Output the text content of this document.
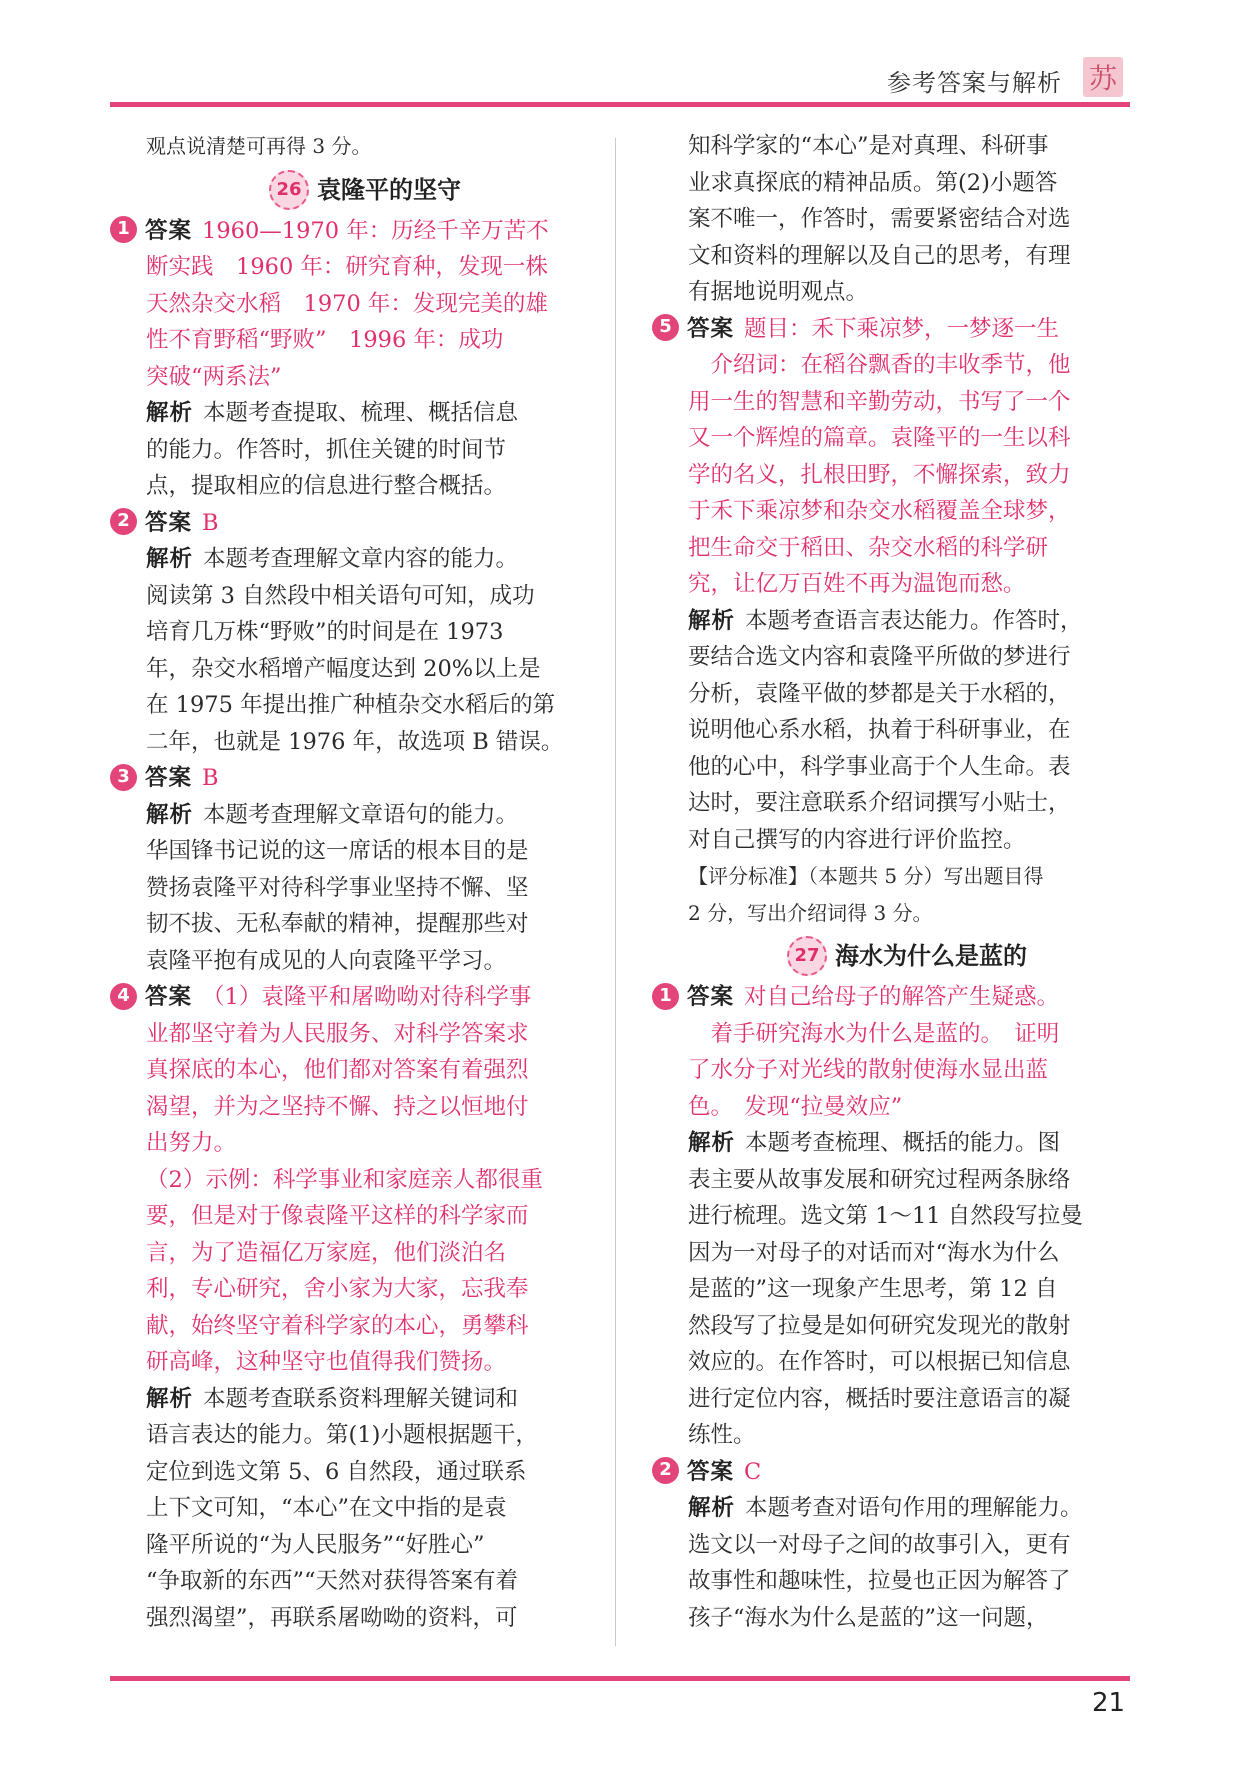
参考答案与解析 苏
观点说清楚可再得 3 分。
26 袁隆平的坚守
1 答案 1960—1970 年：历经千辛万苦不
断实践　1960 年：研究育种，发现一株
天然杂交水稻　1970 年：发现完美的雄
性不育野稻“野败”　1996 年：成功
突破“两系法”
解析 本题考查提取、梳理、概括信息
的能力。作答时，抓住关键的时间节
点，提取相应的信息进行整合概括。
2 答案 B
解析 本题考查理解文章内容的能力。
阅读第 3 自然段中相关语句可知，成功
培育几万株“野败”的时间是在 1973
年，杂交水稻增产幅度达到 20%以上是
在 1975 年提出推广种植杂交水稻后的第
二年，也就是 1976 年，故选项 B 错误。
3 答案 B
解析 本题考查理解文章语句的能力。
华国锋书记说的这一席话的根本目的是
赞扬袁隆平对待科学事业坚持不懈、坚
韧不拔、无私奉献的精神，提醒那些对
袁隆平抱有成见的人向袁隆平学习。
4 答案 （1）袁隆平和屠呦呦对待科学事
业都坚守着为人民服务、对科学答案求
真探底的本心，他们都对答案有着强烈
渴望，并为之坚持不懈、持之以恒地付
出努力。
（2）示例：科学事业和家庭亲人都很重
要，但是对于像袁隆平这样的科学家而
言，为了造福亿万家庭，他们淡泊名
利，专心研究，舍小家为大家，忘我奉
献，始终坚守着科学家的本心，勇攀科
研高峰，这种坚守也值得我们赞扬。
解析 本题考查联系资料理解关键词和
语言表达的能力。第(1)小题根据题干，
定位到选文第 5、6 自然段，通过联系
上下文可知，“本心”在文中指的是袁
隆平所说的“为人民服务”“好胜心”
“争取新的东西”“天然对获得答案有着
强烈渴望”，再联系屠呦呦的资料，可
知科学家的“本心”是对真理、科研事
业求真探底的精神品质。第(2)小题答
案不唯一，作答时，需要紧密结合对选
文和资料的理解以及自己的思考，有理
有据地说明观点。
5 答案 题目：禾下乘凉梦，一梦逐一生
　介绍词：在稻谷飘香的丰收季节，他
用一生的智慧和辛勤劳动，书写了一个
又一个辉煌的篇章。袁隆平的一生以科
学的名义，扎根田野，不懈探索，致力
于禾下乘凉梦和杂交水稻覆盖全球梦，
把生命交于稻田、杂交水稻的科学研
究，让亿万百姓不再为温饱而愁。
解析 本题考查语言表达能力。作答时，
要结合选文内容和袁隆平所做的梦进行
分析，袁隆平做的梦都是关于水稻的，
说明他心系水稻，执着于科研事业，在
他的心中，科学事业高于个人生命。表
达时，要注意联系介绍词撰写小贴士，
对自己撰写的内容进行评价监控。
【评分标准】（本题共 5 分）写出题目得
2 分，写出介绍词得 3 分。
27 海水为什么是蓝的
1 答案 对自己给母子的解答产生疑惑。
　着手研究海水为什么是蓝的。　证明
了水分子对光线的散射使海水显出蓝
色。　发现“拉曼效应”
解析 本题考查梳理、概括的能力。图
表主要从故事发展和研究过程两条脉络
进行梳理。选文第 1～11 自然段写拉曼
因为一对母子的对话而对“海水为什么
是蓝的”这一现象产生思考，第 12 自
然段写了拉曼是如何研究发现光的散射
效应的。在作答时，可以根据已知信息
进行定位内容，概括时要注意语言的凝
练性。
2 答案 C
解析 本题考查对语句作用的理解能力。
选文以一对母子之间的故事引入，更有
故事性和趣味性，拉曼也正因为解答了
孩子“海水为什么是蓝的”这一问题，
21
